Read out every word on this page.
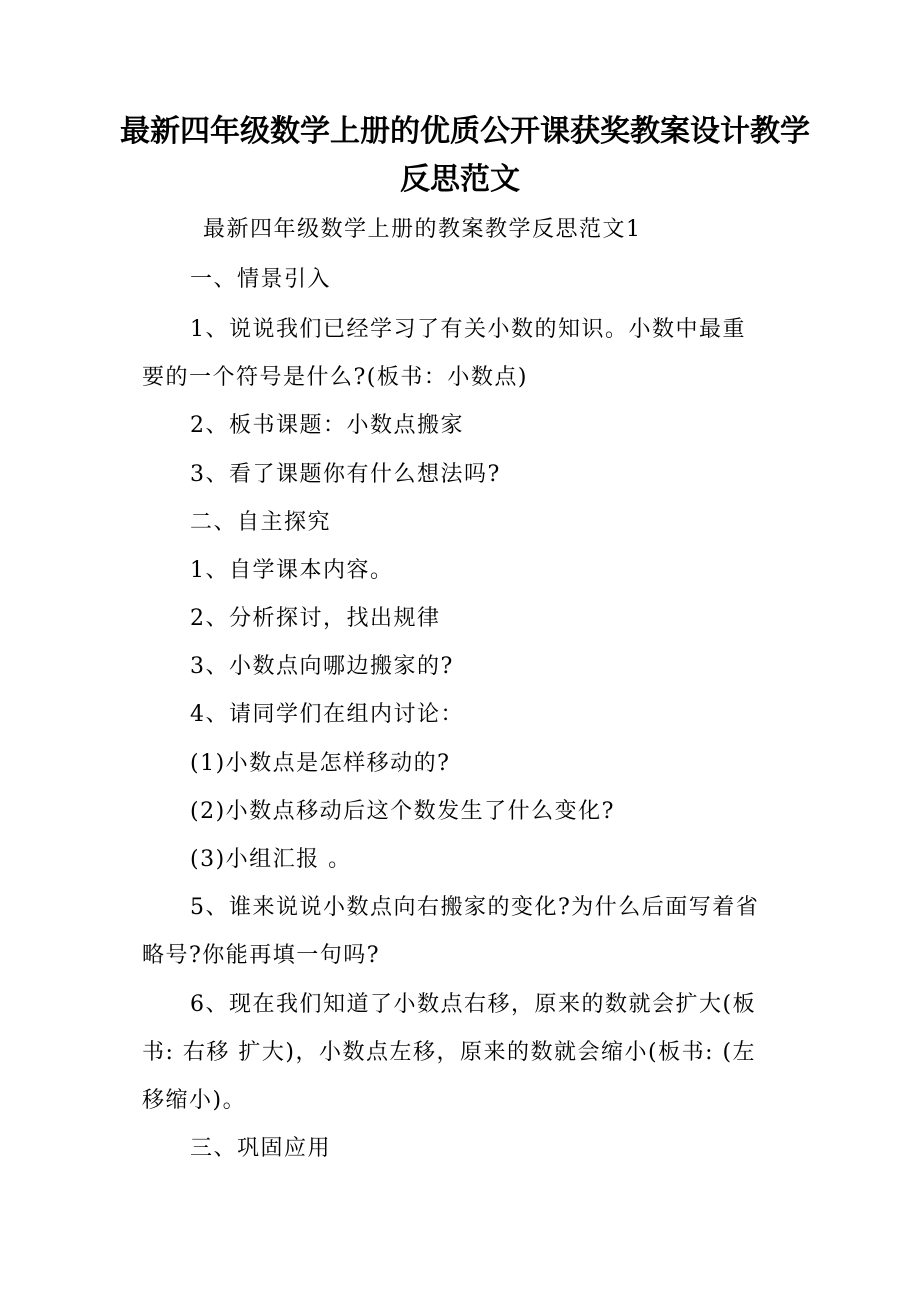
最新四年级数学上册的优质公开课获奖教案设计教学
反思范文
最新四年级数学上册的教案教学反思范文1
一、情景引入
1、说说我们已经学习了有关小数的知识。小数中最重
要的一个符号是什么?(板书：小数点)
2、板书课题：小数点搬家
3、看了课题你有什么想法吗?
二、自主探究
1、自学课本内容。
2、分析探讨，找出规律
3、小数点向哪边搬家的?
4、请同学们在组内讨论：
(1)小数点是怎样移动的?
(2)小数点移动后这个数发生了什么变化?
(3)小组汇报 。
5、谁来说说小数点向右搬家的变化?为什么后面写着省
略号?你能再填一句吗?
6、现在我们知道了小数点右移，原来的数就会扩大(板
书: 右移 扩大)，小数点左移，原来的数就会缩小(板书: (左
移缩小)。
三、巩固应用
